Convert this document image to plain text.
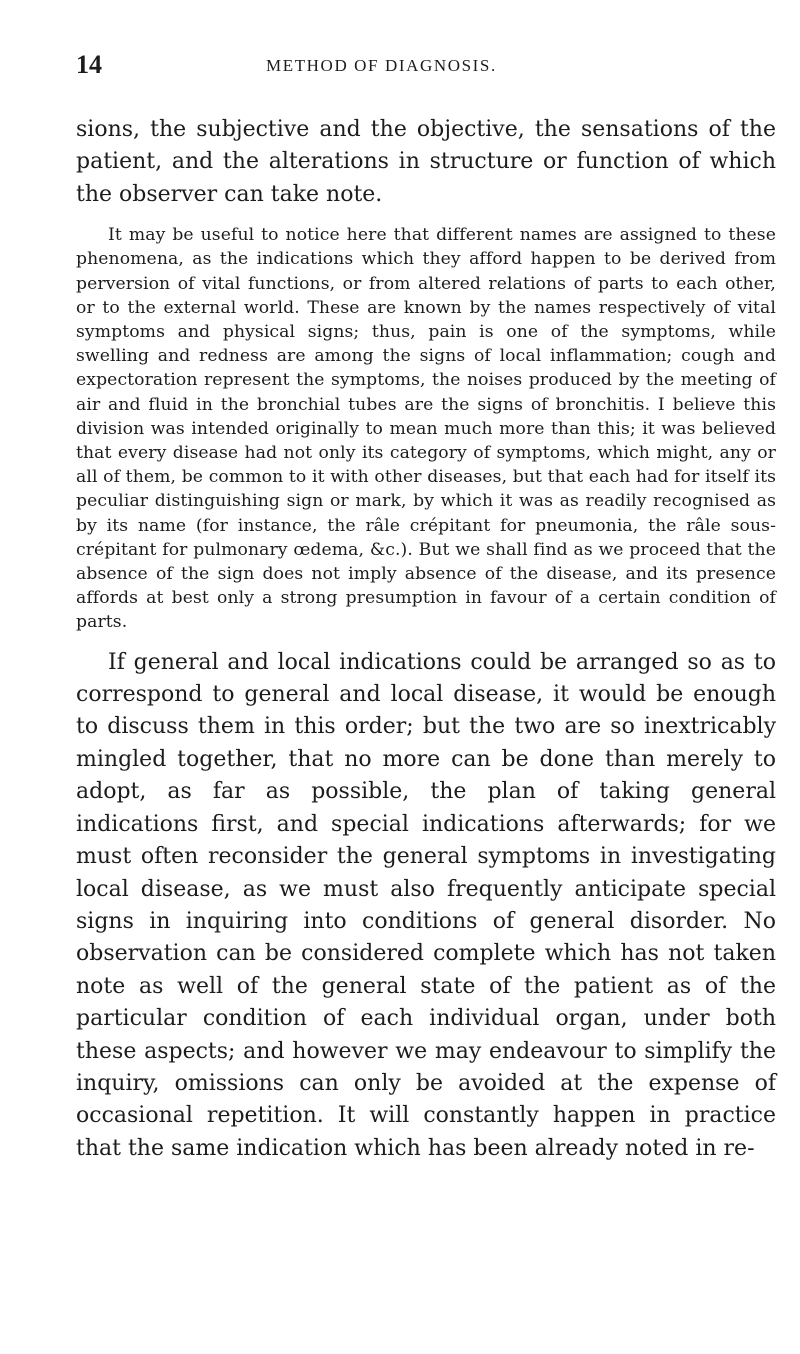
14	METHOD OF DIAGNOSIS.

sions, the subjective and the objective, the sensations of the patient, and the alterations in structure or function of which the observer can take note.

It may be useful to notice here that different names are assigned to these phenomena, as the indications which they afford happen to be derived from perversion of vital functions, or from altered relations of parts to each other, or to the external world. These are known by the names respectively of vital symptoms and physical signs; thus, pain is one of the symptoms, while swelling and redness are among the signs of local inflammation; cough and expectoration represent the symptoms, the noises produced by the meeting of air and fluid in the bronchial tubes are the signs of bronchitis. I believe this division was intended originally to mean much more than this; it was believed that every disease had not only its category of symptoms, which might, any or all of them, be common to it with other diseases, but that each had for itself its peculiar distinguishing sign or mark, by which it was as readily recognised as by its name (for instance, the râle crépitant for pneumonia, the râle sous-crépitant for pulmonary œdema, &c.). But we shall find as we proceed that the absence of the sign does not imply absence of the disease, and its presence affords at best only a strong presumption in favour of a certain condition of parts.

If general and local indications could be arranged so as to correspond to general and local disease, it would be enough to discuss them in this order; but the two are so inextricably mingled together, that no more can be done than merely to adopt, as far as possible, the plan of taking general indications first, and special indications afterwards; for we must often reconsider the general symptoms in investigating local disease, as we must also frequently anticipate special signs in inquiring into conditions of general disorder. No observation can be considered complete which has not taken note as well of the general state of the patient as of the particular condition of each individual organ, under both these aspects; and however we may endeavour to simplify the inquiry, omissions can only be avoided at the expense of occasional repetition. It will constantly happen in practice that the same indication which has been already noted in re-
